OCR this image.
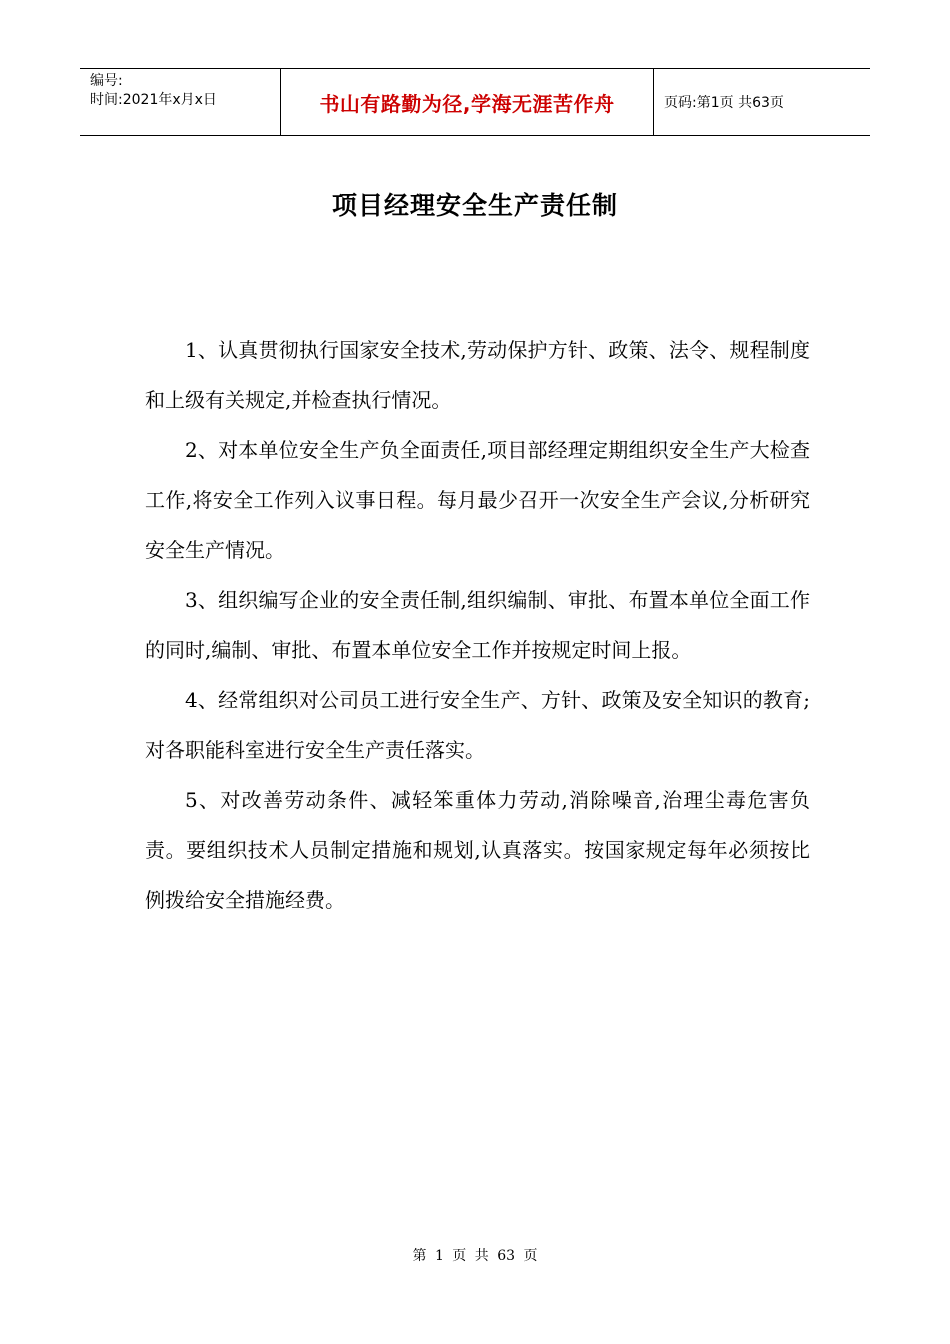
编号:
时间:2021年x月x日	书山有路勤为径,学海无涯苦作舟	页码:第1页 共63页
项目经理安全生产责任制

1、认真贯彻执行国家安全技术,劳动保护方针、政策、法令、规程制度和上级有关规定,并检查执行情况。

2、对本单位安全生产负全面责任,项目部经理定期组织安全生产大检查工作,将安全工作列入议事日程。每月最少召开一次安全生产会议,分析研究安全生产情况。

3、组织编写企业的安全责任制,组织编制、审批、布置本单位全面工作的同时,编制、审批、布置本单位安全工作并按规定时间上报。

4、经常组织对公司员工进行安全生产、方针、政策及安全知识的教育;对各职能科室进行安全生产责任落实。

5、对改善劳动条件、减轻笨重体力劳动,消除噪音,治理尘毒危害负责。要组织技术人员制定措施和规划,认真落实。按国家规定每年必须按比例拨给安全措施经费。

第 1 页 共 63 页
